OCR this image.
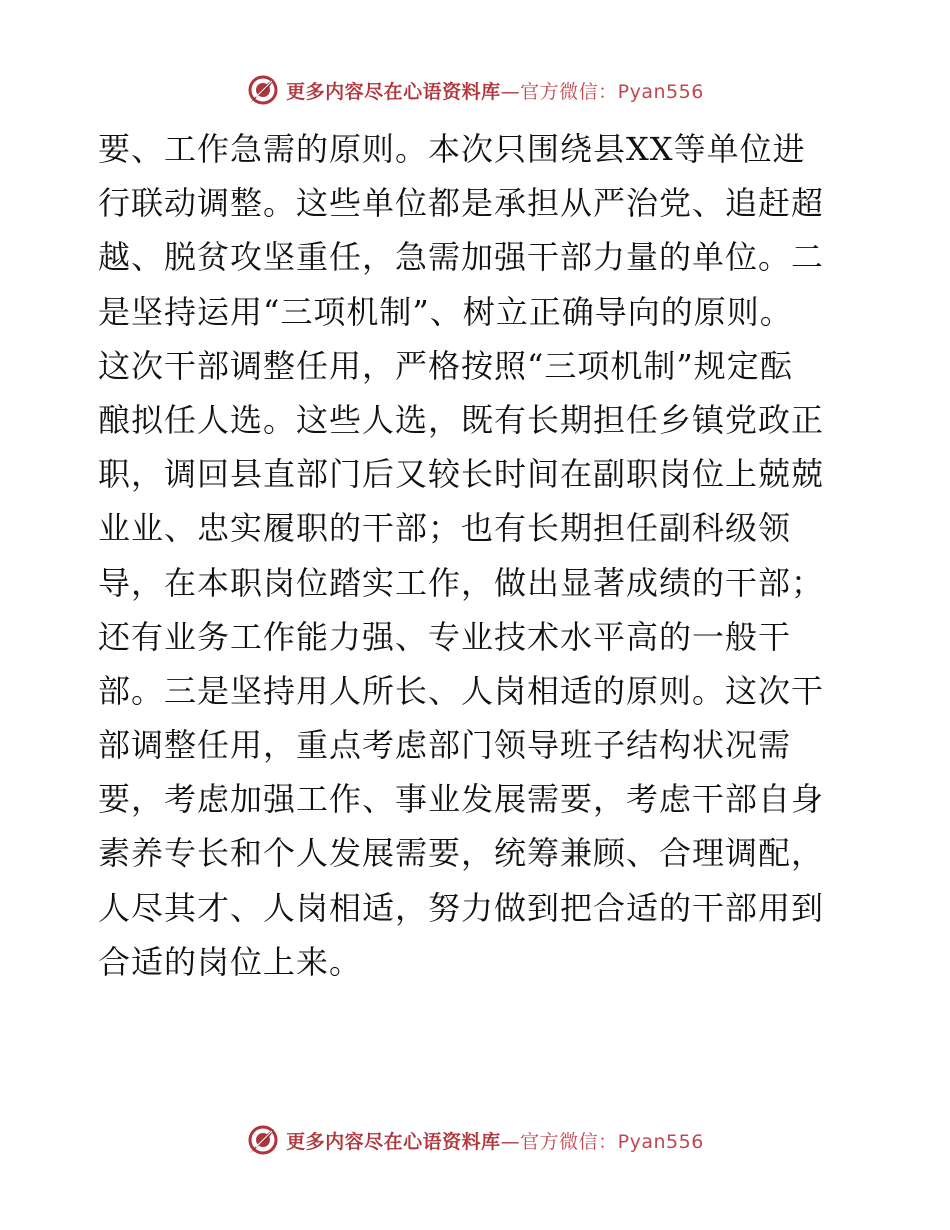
更多内容尽在心语资料库—官方微信：Pyan556
要、工作急需的原则。本次只围绕县XX等单位进
行联动调整。这些单位都是承担从严治党、追赶超
越、脱贫攻坚重任，急需加强干部力量的单位。二
是坚持运用“三项机制”、树立正确导向的原则。
这次干部调整任用，严格按照“三项机制”规定酝
酿拟任人选。这些人选，既有长期担任乡镇党政正
职，调回县直部门后又较长时间在副职岗位上兢兢
业业、忠实履职的干部；也有长期担任副科级领
导，在本职岗位踏实工作，做出显著成绩的干部；
还有业务工作能力强、专业技术水平高的一般干
部。三是坚持用人所长、人岗相适的原则。这次干
部调整任用，重点考虑部门领导班子结构状况需
要，考虑加强工作、事业发展需要，考虑干部自身
素养专长和个人发展需要，统筹兼顾、合理调配，
人尽其才、人岗相适，努力做到把合适的干部用到
合适的岗位上来。
更多内容尽在心语资料库—官方微信：Pyan556
